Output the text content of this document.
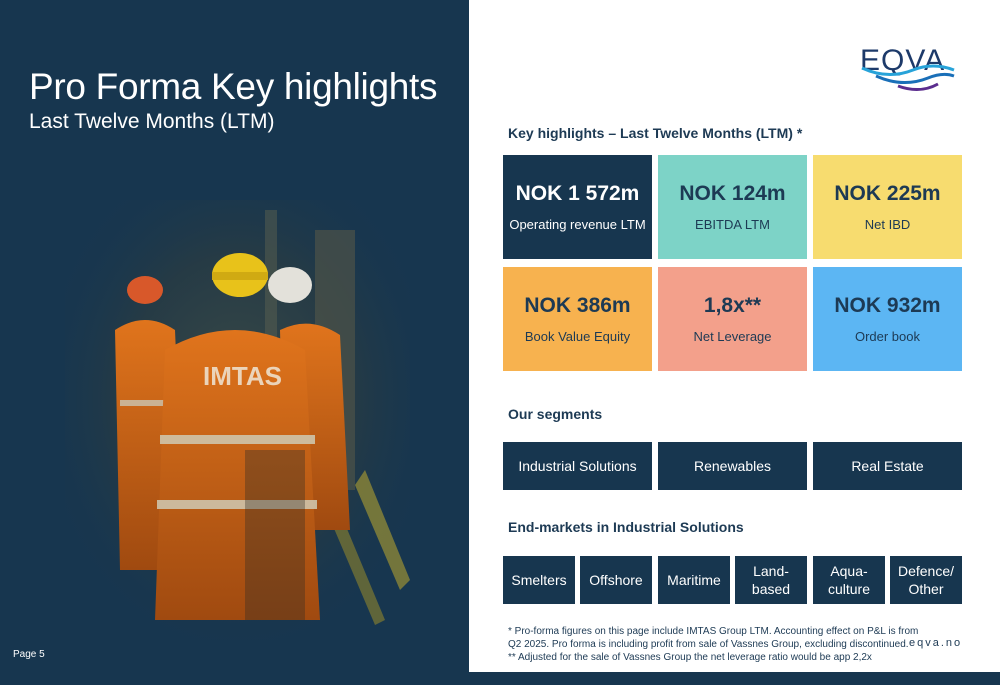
Pro Forma Key highlights
Last Twelve Months (LTM)
IMTAS
Page 5
EQVA
Key highlights – Last Twelve Months (LTM) *
NOK 1 572m
Operating revenue LTM
NOK 124m
EBITDA LTM
NOK 225m
Net IBD
NOK 386m
Book Value Equity
1,8x**
Net Leverage
NOK 932m
Order book
Our segments
Industrial Solutions	Renewables	Real Estate
End-markets in Industrial Solutions
Smelters Offshore Maritime

Land-
based
Aqua-
culture
Defence/
Other
* Pro-forma figures on this page include IMTAS Group LTM. Accounting effect on P&L is from
Q2 2025. Pro forma is including profit from sale of Vassnes Group, excluding discontinued.
** Adjusted for the sale of Vassnes Group the net leverage ratio would be app 2,2x
eqva.no
